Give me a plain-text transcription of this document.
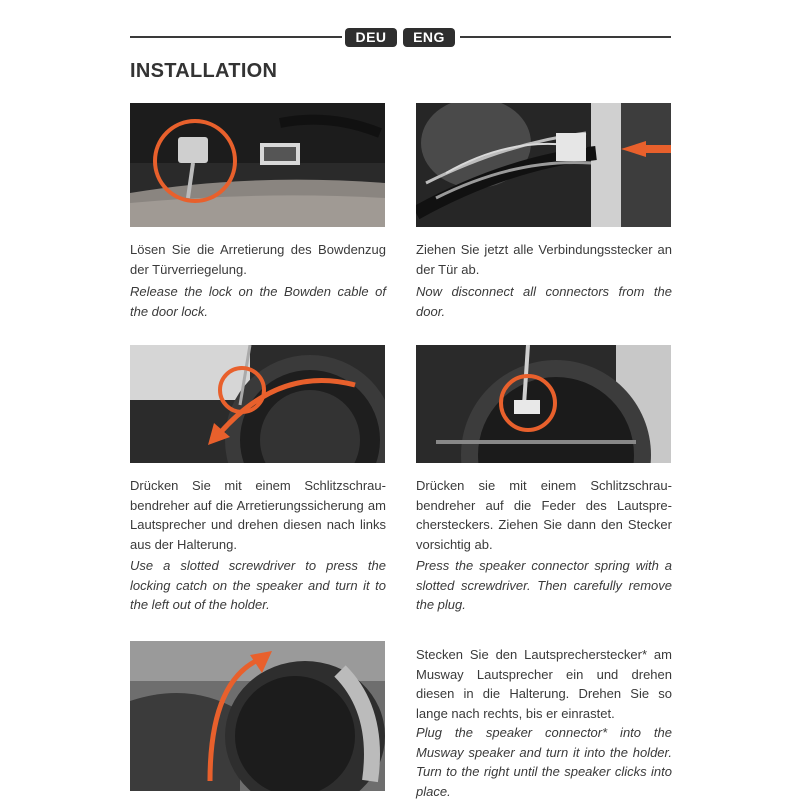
DEU	ENG
INSTALLATION
Lösen Sie die Arretierung des Bowdenzug der Türverriegelung.
Release the lock on the Bowden cable of the door lock.
Ziehen Sie jetzt alle Verbindungsstecker an der Tür ab.
Now disconnect all connectors from the door.
Drücken Sie mit einem Schlitzschraubendreher auf die Arretierungssicherung am Lautsprecher und drehen diesen nach links aus der Halterung.
Use a slotted screwdriver to press the locking catch on the speaker and turn it to the left out of the holder.
Drücken sie mit einem Schlitzschraubendreher auf die Feder des Lautsprechersteckers. Ziehen Sie dann den Stecker vorsichtig ab.
Press the speaker connector spring with a slotted screwdriver. Then carefully remove the plug.
Stecken Sie den Lautsprecherstecker* am Musway Lautsprecher ein und drehen diesen in die Halterung. Drehen Sie so lange nach rechts, bis er einrastet.
Plug the speaker connector* into the Musway speaker and turn it into the holder. Turn to the right until the speaker clicks into place.
